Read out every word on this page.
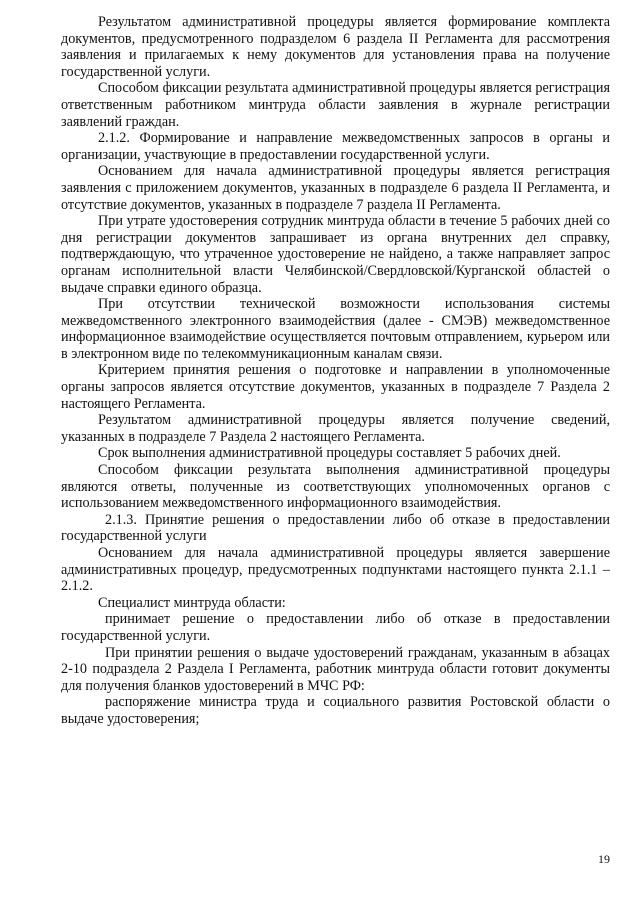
Результатом административной процедуры является формирование комплекта документов, предусмотренного подразделом 6 раздела II Регламента для рассмотрения заявления и прилагаемых к нему документов для установления права на получение государственной услуги.

Способом фиксации результата административной процедуры является регистрация ответственным работником минтруда области заявления в журнале регистрации заявлений граждан.

2.1.2. Формирование и направление межведомственных запросов в органы и организации, участвующие в предоставлении государственной услуги.

Основанием для начала административной процедуры является регистрация заявления с приложением документов, указанных в подразделе 6 раздела II Регламента, и отсутствие документов, указанных в подразделе 7 раздела II Регламента.

При утрате удостоверения сотрудник минтруда области в течение 5 рабочих дней со дня регистрации документов запрашивает из органа внутренних дел справку, подтверждающую, что утраченное удостоверение не найдено, а также направляет запрос органам исполнительной власти Челябинской/Свердловской/Курганской областей о выдаче справки единого образца.

При отсутствии технической возможности использования системы межведомственного электронного взаимодействия (далее - СМЭВ) межведомственное информационное взаимодействие осуществляется почтовым отправлением, курьером или в электронном виде по телекоммуникационным каналам связи.

Критерием принятия решения о подготовке и направлении в уполномоченные органы запросов является отсутствие документов, указанных в подразделе 7 Раздела 2 настоящего Регламента.

Результатом административной процедуры является получение сведений, указанных в подразделе 7 Раздела 2 настоящего Регламента.

Срок выполнения административной процедуры составляет 5 рабочих дней.

Способом фиксации результата выполнения административной процедуры являются ответы, полученные из соответствующих уполномоченных органов с использованием межведомственного информационного взаимодействия.

2.1.3. Принятие решения о предоставлении либо об отказе в предоставлении государственной услуги

Основанием для начала административной процедуры является завершение административных процедур, предусмотренных подпунктами настоящего пункта 2.1.1 – 2.1.2.

Специалист минтруда области:

принимает решение о предоставлении либо об отказе в предоставлении государственной услуги.

При принятии решения о выдаче удостоверений гражданам, указанным в абзацах 2-10 подраздела 2 Раздела I Регламента, работник минтруда области готовит документы для получения бланков удостоверений в МЧС РФ:

распоряжение министра труда и социального развития Ростовской области о выдаче удостоверения;

19
